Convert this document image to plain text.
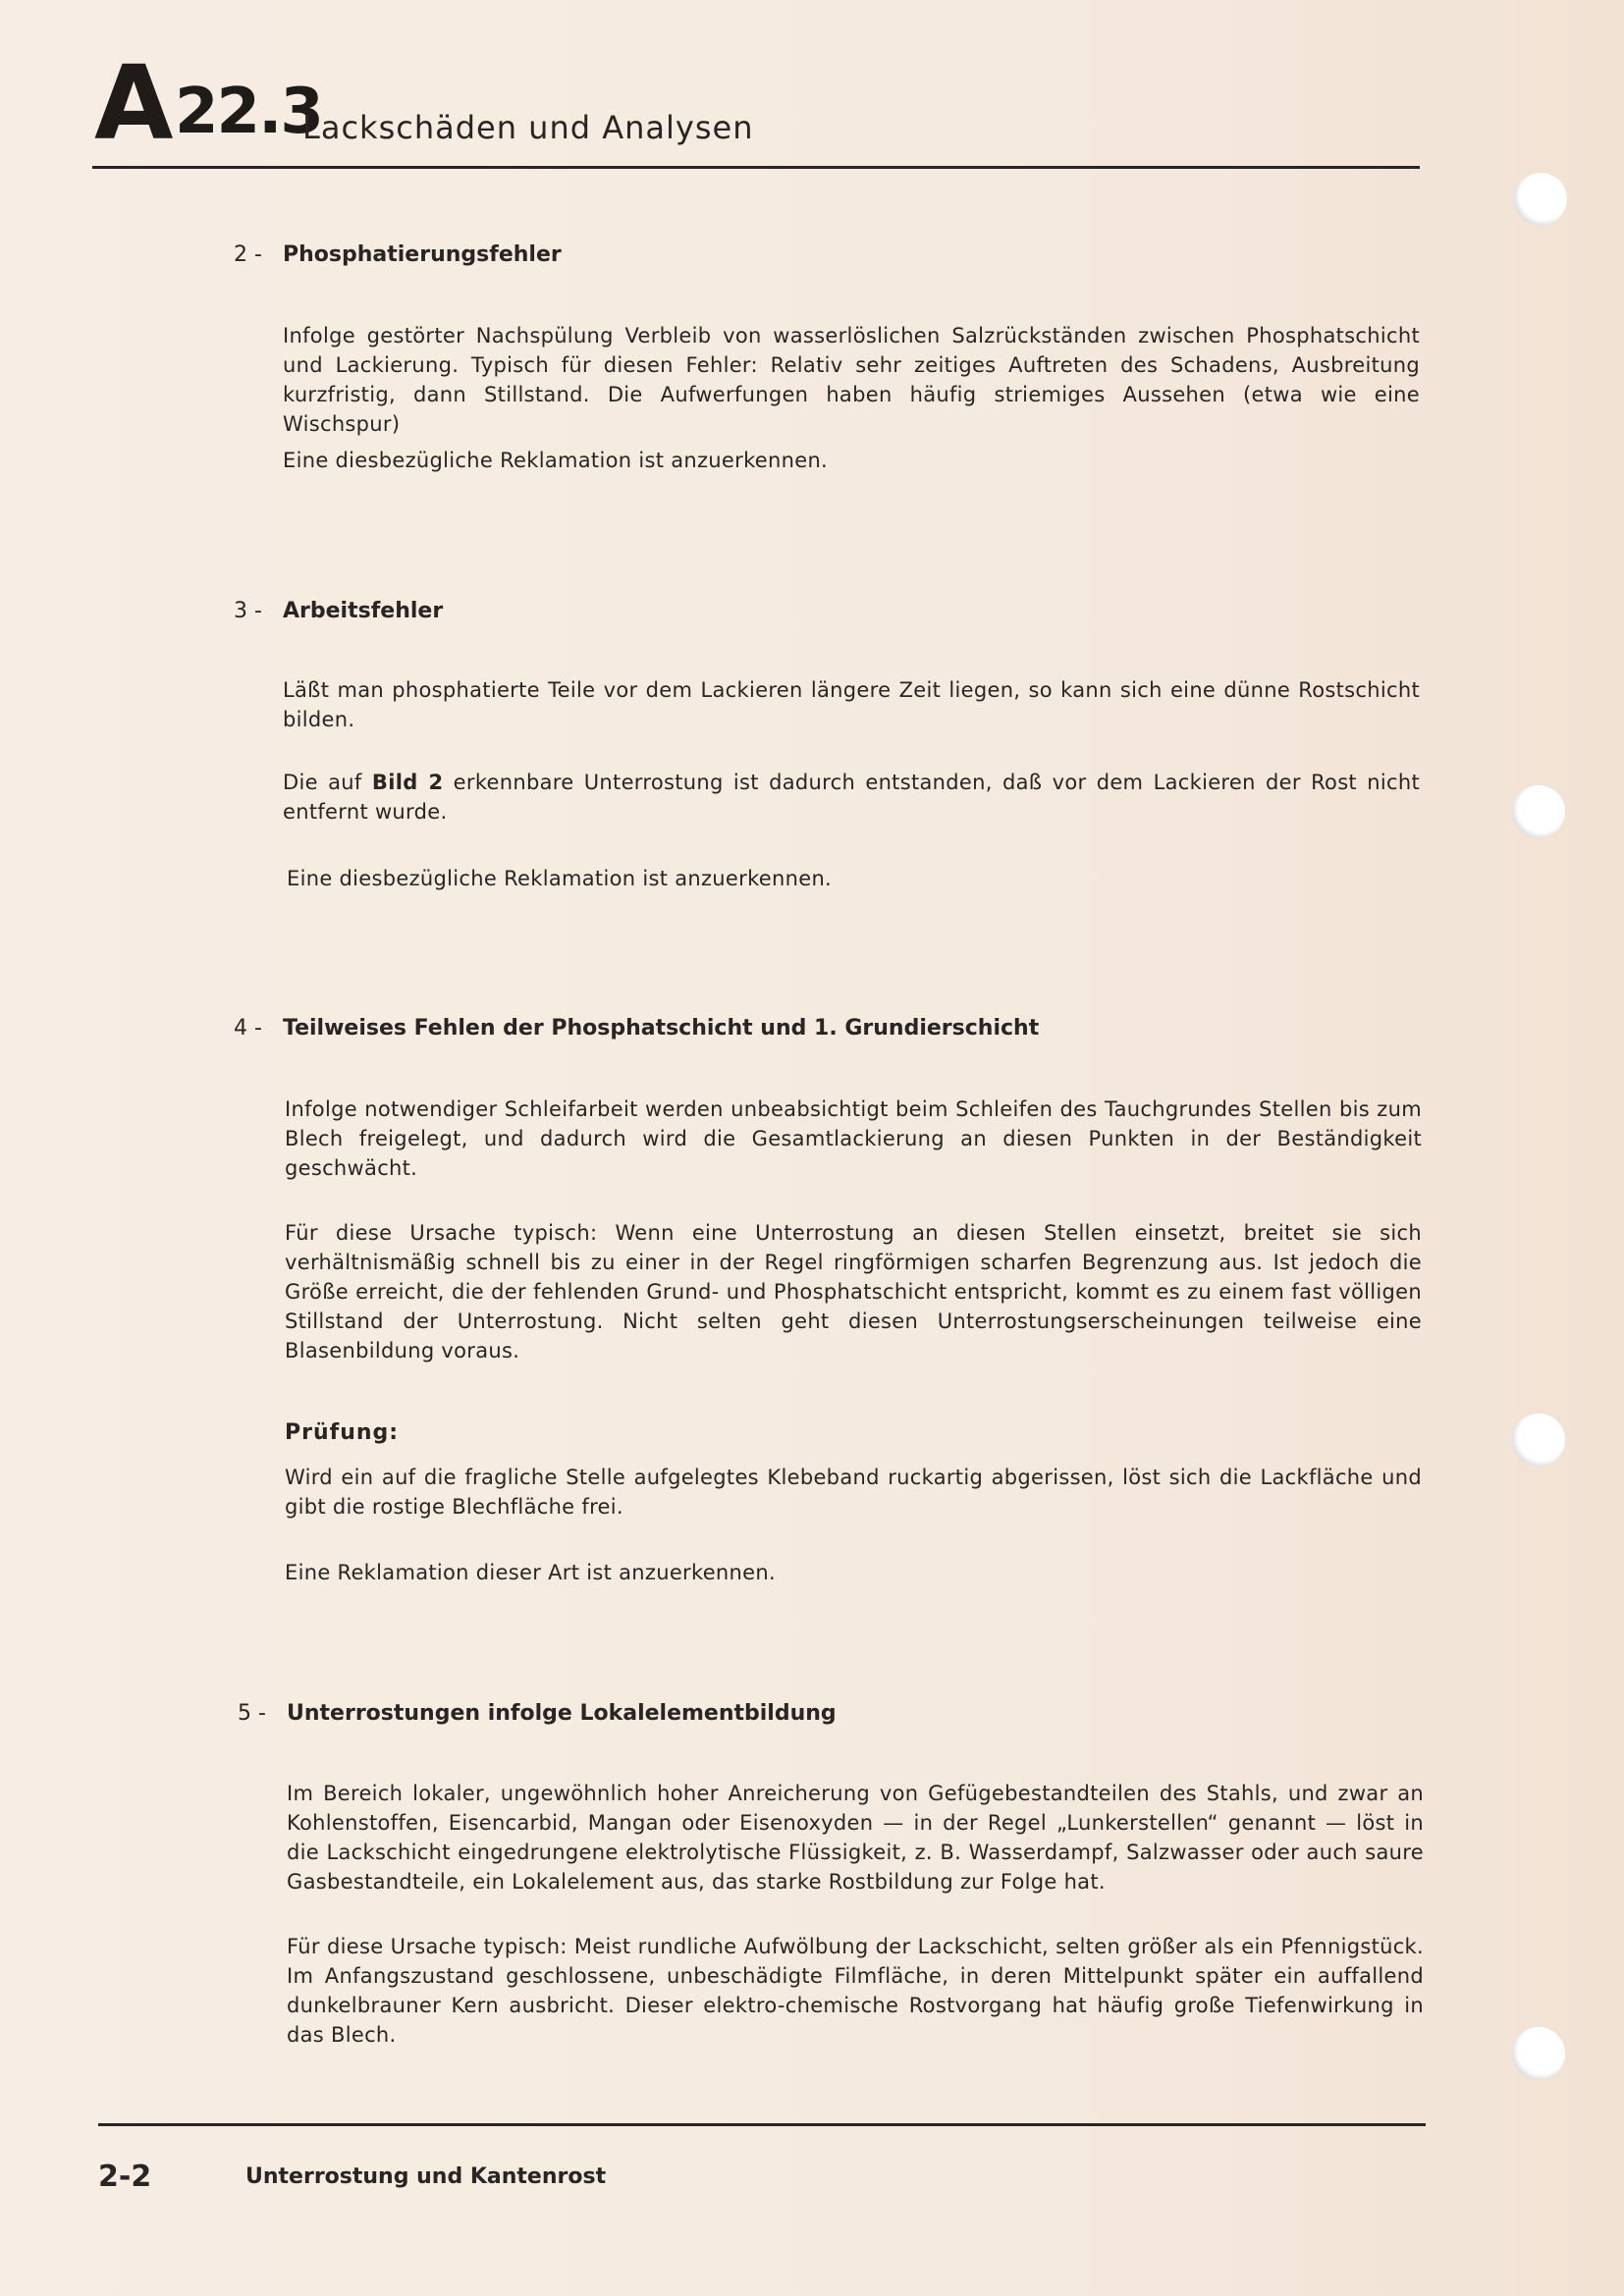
A 22.3
Lackschäden und Analysen
2 - Phosphatierungsfehler

Infolge gestörter Nachspülung Verbleib von wasserlöslichen Salzrückständen zwischen Phosphatschicht und Lackierung. Typisch für diesen Fehler: Relativ sehr zeitiges Auftreten des Schadens, Ausbreitung kurzfristig, dann Stillstand. Die Aufwerfungen haben häufig striemiges Aussehen (etwa wie eine Wischspur)

Eine diesbezügliche Reklamation ist anzuerkennen.

3 - Arbeitsfehler

Läßt man phosphatierte Teile vor dem Lackieren längere Zeit liegen, so kann sich eine dünne Rostschicht bilden.

Die auf Bild 2 erkennbare Unterrostung ist dadurch entstanden, daß vor dem Lackieren der Rost nicht entfernt wurde.

Eine diesbezügliche Reklamation ist anzuerkennen.

4 - Teilweises Fehlen der Phosphatschicht und 1. Grundierschicht

Infolge notwendiger Schleifarbeit werden unbeabsichtigt beim Schleifen des Tauchgrundes Stellen bis zum Blech freigelegt, und dadurch wird die Gesamtlackierung an diesen Punkten in der Beständigkeit geschwächt.

Für diese Ursache typisch: Wenn eine Unterrostung an diesen Stellen einsetzt, breitet sie sich verhältnismäßig schnell bis zu einer in der Regel ringförmigen scharfen Begrenzung aus. Ist jedoch die Größe erreicht, die der fehlenden Grund- und Phosphatschicht entspricht, kommt es zu einem fast völligen Stillstand der Unterrostung. Nicht selten geht diesen Unterrostungserscheinungen teilweise eine Blasenbildung voraus.

Prüfung:

Wird ein auf die fragliche Stelle aufgelegtes Klebeband ruckartig abgerissen, löst sich die Lackfläche und gibt die rostige Blechfläche frei.

Eine Reklamation dieser Art ist anzuerkennen.

5 - Unterrostungen infolge Lokalelementbildung

Im Bereich lokaler, ungewöhnlich hoher Anreicherung von Gefügebestandteilen des Stahls, und zwar an Kohlenstoffen, Eisencarbid, Mangan oder Eisenoxyden — in der Regel „Lunkerstellen“ genannt — löst in die Lackschicht eingedrungene elektrolytische Flüssigkeit, z. B. Wasserdampf, Salzwasser oder auch saure Gasbestandteile, ein Lokalelement aus, das starke Rostbildung zur Folge hat.

Für diese Ursache typisch: Meist rundliche Aufwölbung der Lackschicht, selten größer als ein Pfennigstück. Im Anfangszustand geschlossene, unbeschädigte Filmfläche, in deren Mittelpunkt später ein auffallend dunkelbrauner Kern ausbricht. Dieser elektro-chemische Rostvorgang hat häufig große Tiefenwirkung in das Blech.

2-2	Unterrostung und Kantenrost
